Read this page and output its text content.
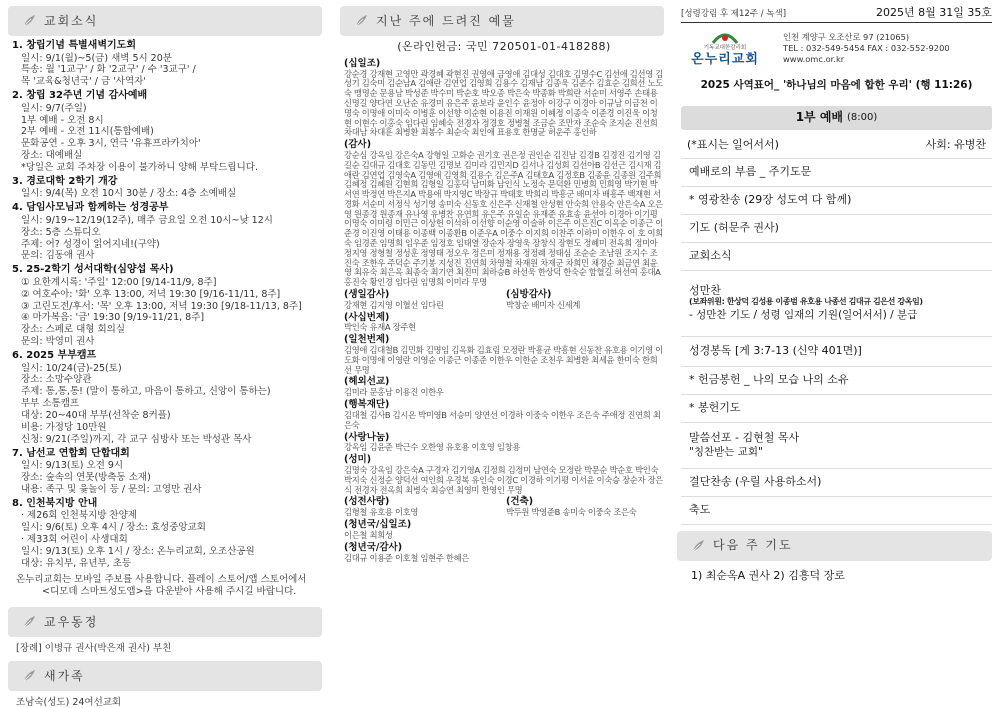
교회소식
1. 창립기념 특별새벽기도회
일시: 9/1(월)~5(금) 새벽 5시 20분
특송: 월 '1교구' / 화 '2교구' / 수 '3교구' /
목 '교육&청년국' / 금 '사역자'
2. 창립 32주년 기념 감사예배
일시: 9/7(주일)
1부 예배 - 오전 8시
2부 예배 - 오전 11시(통합예배)
문화공연 - 오후 3시, 연극 '유휴프라카치아'
장소: 대예배실
*당일은 교회 주차장 이용이 불가하니 양해 부탁드립니다.
3. 경로대학 2학기 개강
일시: 9/4(목) 오전 10시 30분 / 장소: 4층 소예배실
4. 담임사모님과 함께하는 성경공부
일시: 9/19~12/19(12주), 매주 금요일 오전 10시~낮 12시
장소: 5층 스튜디오
주제: 어? 성경이 읽어지네!(구약)
문의: 김동애 권사
5. 25-2학기 성서대학(심양섭 목사)
① 요한계시록: '주일' 12:00 [9/14-11/9, 8주]
② 여호수아: '화' 오후 13:00, 저녁 19:30 [9/16-11/11, 8주]
③ 고린도전/후서: '목' 오후 13:00, 저녁 19:30 [9/18-11/13, 8주]
④ 마가복음: '금' 19:30 [9/19-11/21, 8주]
장소: 스페로 대형 회의실
문의: 박영미 권사
6. 2025 부부캠프
일시: 10/24(금)-25(토)
장소: 소망수양관
주제: 통,통,통! (말이 통하고, 마음이 통하고, 신앙이 통하는)
부부 소통캠프
대상: 20~40대 부부(선착순 8커플)
비용: 가정당 10만원
신청: 9/21(주일)까지, 각 교구 심방사 또는 박성관 목사
7. 남선교 연합회 단합대회
일시: 9/13(토) 오전 9시
장소: 숲속의 연못(방축동 소재)
내용: 족구 및 윷놀이 등 / 문의: 고영만 권사
8. 인천북지방 안내
· 제26회 인천북지방 찬양제
일시: 9/6(토) 오후 4시 / 장소: 효성중앙교회
· 제33회 어린이 사생대회
일시: 9/13(토) 오후 1시 / 장소: 온누리교회, 오조산공원
대상: 유치부, 유년부, 초등
온누리교회는 모바일 주보를 사용합니다. 플레이 스토어/앱 스토어에서
<디모데 스마트성도앱>을 다운받아 사용해 주시길 바랍니다.
교우동정
[장례] 이병규 권사(박은재 권사) 부친
새가족
조남숙(성도) 24여선교회
지난 주에 드려진 예물
(온라인헌금: 국민 720501-01-418288)
(십일조)
강순경 강재현 고영만 곽경혜 곽현진 권영애 금영애 김대성 김대호 김명수C 김선애 김선영 김성기 김숙미 김순남A 김애란 김연업 김영희 김용수 김재남 김종욱 김준수 김효순 김희선 노도숙 맹명순 문용남 박성준 박수미 박순호 박오종 박은숙 박종화 박희란 서순미 서영주 손태용 신명길 양다연 오난순 유경미 유은주 윤보라 윤인수 윤정아 이강구 이경아 이규남 이금천 이명숙 이명애 이미숙 이병훈 이선향 이순현 이용진 이재원 이혜정 이종숙 이준경 이진욱 이청현 이현수 이홍숙 임다린 임혜숙 전경자 정경호 정병철 조금순 조만자 조순숙 조지순 진선희 차대남 차대훈 최병환 최봉수 최순숙 최인애 표용호 한명균 허운주 홍인하
(감사)
강순심 강옥임 강은숙A 강형일 고화순 권기호 권은정 권인순 김진남 김경B 김경진 김기영 김길순 김대규 김대호 김동민 김명보 김미라 김민지D 김서나 김성회 김선아B 김선근 김시재 김애란 김연업 김영숙A 김영애 김영희 김용수 김은주A 김태호A 김정호B 김종윤 김종원 김주희 김혜정 김혜원 김현희 김형일 김홍덕 남미화 남인식 노정숙 문덕환 민병희 민희영 박기현 박서연 박정연 박은지A 박용애 박지영C 박장규 박태호 박희리 박흥군 배미자 배흥주 백재현 서경화 서순미 서정식 성기영 송미숙 신동호 신은주 신재철 안성현 안숙희 안용숙 안은숙A 오은영 원종경 원종재 유나영 유병찬 유연희 유은주 유일순 유재준 유효송 윤선아 이경아 이기평 이명숙 이미령 이민근 이상헌 이석하 이선향 이순영 이슬하 이은주 이은진C 이옥순 이종근 이준경 이진영 이태용 이종백 이종환B 이준우A 이중수 이지희 이찬주 이하미 이한우 이 호 이희숙 임경준 임명희 임우준 임정호 임태열 장순자 장영욱 장창식 장현도 정혜미 전옥희 정미아 정지영 정형철 정성훈 정영태 정오우 정은미 정재용 정정례 정태심 조순순 조남원 조지수 조진숙 조한우 주덕순 주기봉 지성진 진연희 차영철 차재원 차재군 차희민 채경순 최금연 최윤영 최유숙 최은옥 최종숙 최기연 최진미 최하승B 하선욱 한상덕 한숙순 함혈길 허선여 홍대A 홍진숙 황인경 임다린 임명희 이미라 무명
(생일감사)
강재현 김지영 이혈선 임다린
(심방감사)
박창순 배미자 신세계
(사십번제)
박인숙 유재A 장주현
(일천번제)
김영애 김대철B 김민화 김명임 김옥화 김효림 모정란 박흥균 박흥현 신동찬 유호용 이기영 이도화 이명애 이영란 이영순 이종근 이종준 이한우 이한순 조천우 최병환 최세윤 한미숙 한희선 무명
(헤외선교)
김미라 문홍남 이용진 이한우
(행복재단)
김대철 김사B 김시온 박미영B 서승미 양연선 이경하 이중숙 이한우 조은숙 주애정 진연희 최은숙
(사랑나눔)
강옥임 김윤준 박근수 오한영 유호용 이호영 임창용
(성미)
김명숙 강옥임 강은숙A 구경자 김기영A 김정희 김정미 남연숙 모정란 박문순 박순호 박인숙 박지숙 신정순 양덕선 여인희 우경복 유인숙 이경C 이경하 이기평 이서윤 이숙승 장순자 장은식 전경자 전옥희 최병숙 최승연 최영미 한영인 무명
(성전사랑)
김형철 유호용 이호영
(건축)
박두원 박영준B 송미숙 이중숙 조은숙
(청년국/십일조)
이은철 최희성
(청년국/감사)
김대규 이용준 이호철 임현주 한혜은
[성령강림 후 제12주 / 녹색]	2025년 8월 31일 35호
기독교대한감리회
온누리교회
인천 계양구 오조산로 97 (21065)
TEL : 032-549-5454 FAX : 032-552-9200
www.omc.or.kr
2025 사역표어_ '하나님의 마음에 합한 우리' (행 11:26)
1부 예배 (8:00)
(*표시는 일어서서)	사회: 유병찬
예배로의 부름 _ 주기도문
* 영광찬송 (29장 성도여 다 함께)
기도 (허문주 권사)
교회소식
성만찬
(보좌위원: 한상덕 김성용 이종범 유호용 나종선 김대규 김은선 강옥임)
- 성만찬 기도 / 성령 임재의 기원(일어서서) / 분급
성경봉독 [게 3:7-13 (신약 401면)]
* 헌금봉헌 _ 나의 모습 나의 소유
* 봉헌기도
말씀선포 - 김현철 목사
"칭찬받는 교회"
결단찬송 (우릴 사용하소서)
축도
다음 주 기도
1) 최순옥A 권사 2) 김흥덕 장로
